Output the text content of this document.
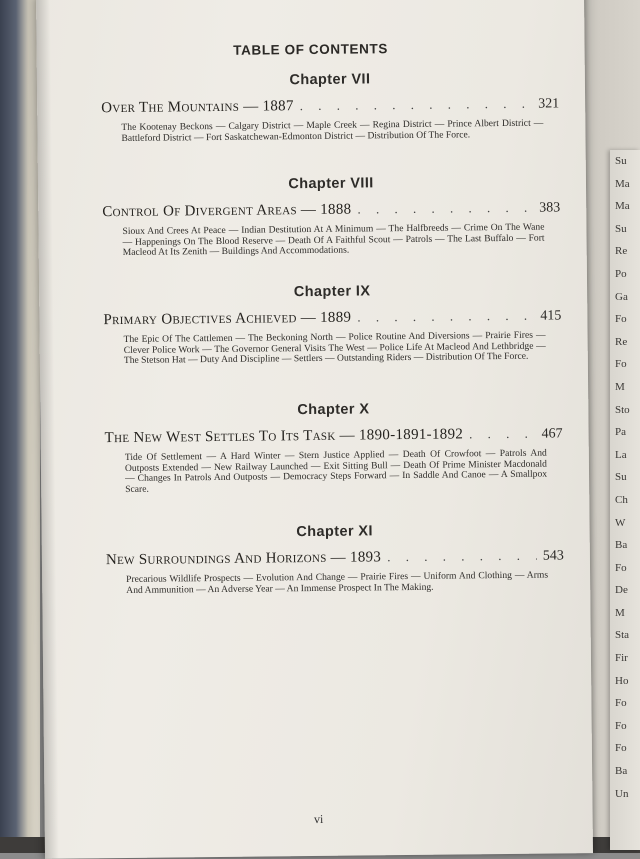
Su
Ma
Ma
Su
Re
Po
Ga
Fo
Re
Fo
M
Sto
Pa
La
Su
Ch
W
Ba
Fo
De
M
Sta
Fir
Ho
Fo
Fo
Fo
Ba
Un
TABLE OF CONTENTS
Chapter VII
Over The Mountains — 1887 . . .	321
The Kootenay Beckons — Calgary District — Maple Creek — Regina District — Prince Albert District — Battleford District — Fort Saskatchewan-Edmonton District — Distribution Of The Force.
Chapter VIII
Control Of Divergent Areas — 1888 . . .	383
Sioux And Crees At Peace — Indian Destitution At A Minimum — The Halfbreeds — Crime On The Wane — Happenings On The Blood Reserve — Death Of A Faithful Scout — Patrols — The Last Buffalo — Fort Macleod At Its Zenith — Buildings And Accommodations.
Chapter IX
Primary Objectives Achieved — 1889 . . .	415
The Epic Of The Cattlemen — The Beckoning North — Police Routine And Diversions — Prairie Fires — Clever Police Work — The Governor General Visits The West — Police Life At Macleod And Lethbridge — The Stetson Hat — Duty And Discipline — Settlers — Outstanding Riders — Distribution Of The Force.
Chapter X
The New West Settles To Its Task — 1890-1891-1892 . . .	467
Tide Of Settlement — A Hard Winter — Stern Justice Applied — Death Of Crowfoot — Patrols And Outposts Extended — New Railway Launched — Exit Sitting Bull — Death Of Prime Minister Macdonald — Changes In Patrols And Outposts — Democracy Steps Forward — In Saddle And Canoe — A Smallpox Scare.
Chapter XI
New Surroundings And Horizons — 1893 . . .	543
Precarious Wildlife Prospects — Evolution And Change — Prairie Fires — Uniform And Clothing — Arms And Ammunition — An Adverse Year — An Immense Prospect In The Making.
vi
